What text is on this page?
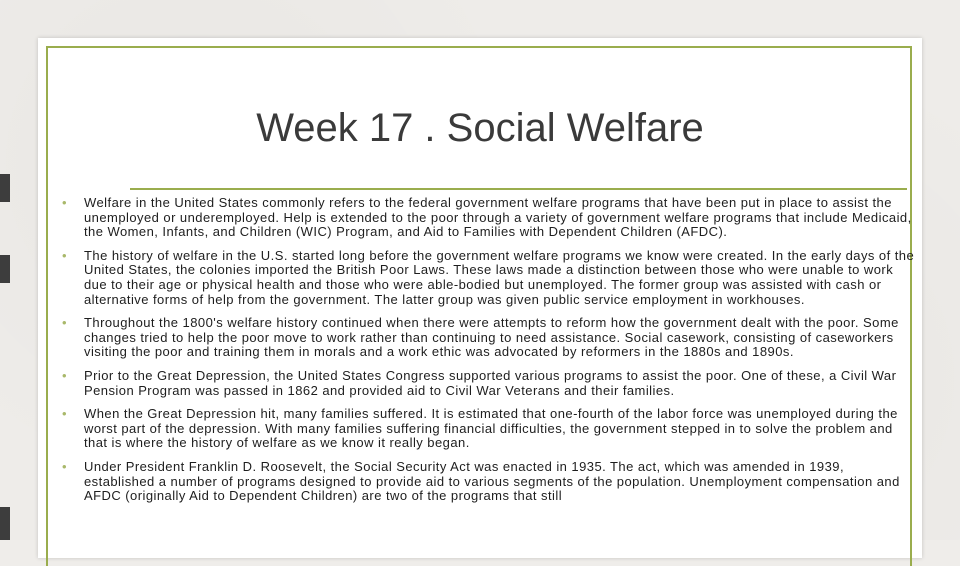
Week 17 . Social Welfare
• Welfare in the United States commonly refers to the federal government welfare programs that have been put in place to assist the unemployed or underemployed. Help is extended to the poor through a variety of government welfare programs that include Medicaid, the Women, Infants, and Children (WIC) Program, and Aid to Families with Dependent Children (AFDC).
• The history of welfare in the U.S. started long before the government welfare programs we know were created. In the early days of the United States, the colonies imported the British Poor Laws. These laws made a distinction between those who were unable to work due to their age or physical health and those who were able-bodied but unemployed. The former group was assisted with cash or alternative forms of help from the government. The latter group was given public service employment in workhouses.
• Throughout the 1800's welfare history continued when there were attempts to reform how the government dealt with the poor. Some changes tried to help the poor move to work rather than continuing to need assistance. Social casework, consisting of caseworkers visiting the poor and training them in morals and a work ethic was advocated by reformers in the 1880s and 1890s.
• Prior to the Great Depression, the United States Congress supported various programs to assist the poor. One of these, a Civil War Pension Program was passed in 1862 and provided aid to Civil War Veterans and their families.
• When the Great Depression hit, many families suffered. It is estimated that one-fourth of the labor force was unemployed during the worst part of the depression. With many families suffering financial difficulties, the government stepped in to solve the problem and that is where the history of welfare as we know it really began.
• Under President Franklin D. Roosevelt, the Social Security Act was enacted in 1935. The act, which was amended in 1939, established a number of programs designed to provide aid to various segments of the population. Unemployment compensation and AFDC (originally Aid to Dependent Children) are two of the programs that still
